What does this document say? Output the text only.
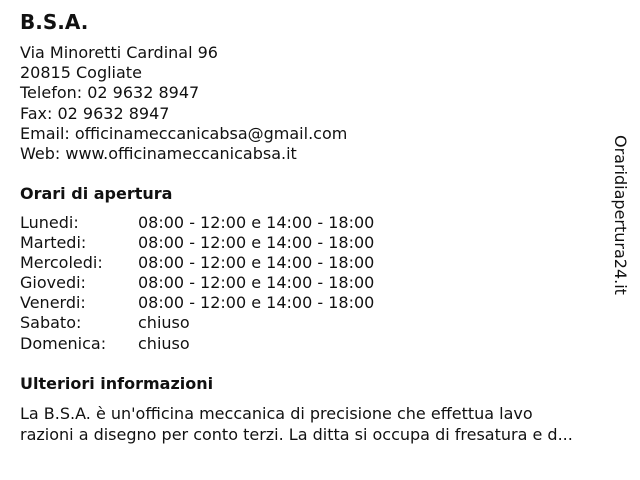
B.S.A.
Via Minoretti Cardinal 96
20815 Cogliate
Telefon: 02 9632 8947
Fax: 02 9632 8947
Email: officinameccanicabsa@gmail.com
Web: www.officinameccanicabsa.it
Orari di apertura
Lunedi:	08:00 - 12:00 e 14:00 - 18:00
Martedi:	08:00 - 12:00 e 14:00 - 18:00
Mercoledi: 08:00 - 12:00 e 14:00 - 18:00
Giovedi:	08:00 - 12:00 e 14:00 - 18:00
Venerdi:	08:00 - 12:00 e 14:00 - 18:00
Sabato:	chiuso
Domenica: chiuso
Ulteriori informazioni
La B.S.A. è un'officina meccanica di precisione che effettua lavo
razioni a disegno per conto terzi. La ditta si occupa di fresatura e d...
Oraridiapertura24.it
